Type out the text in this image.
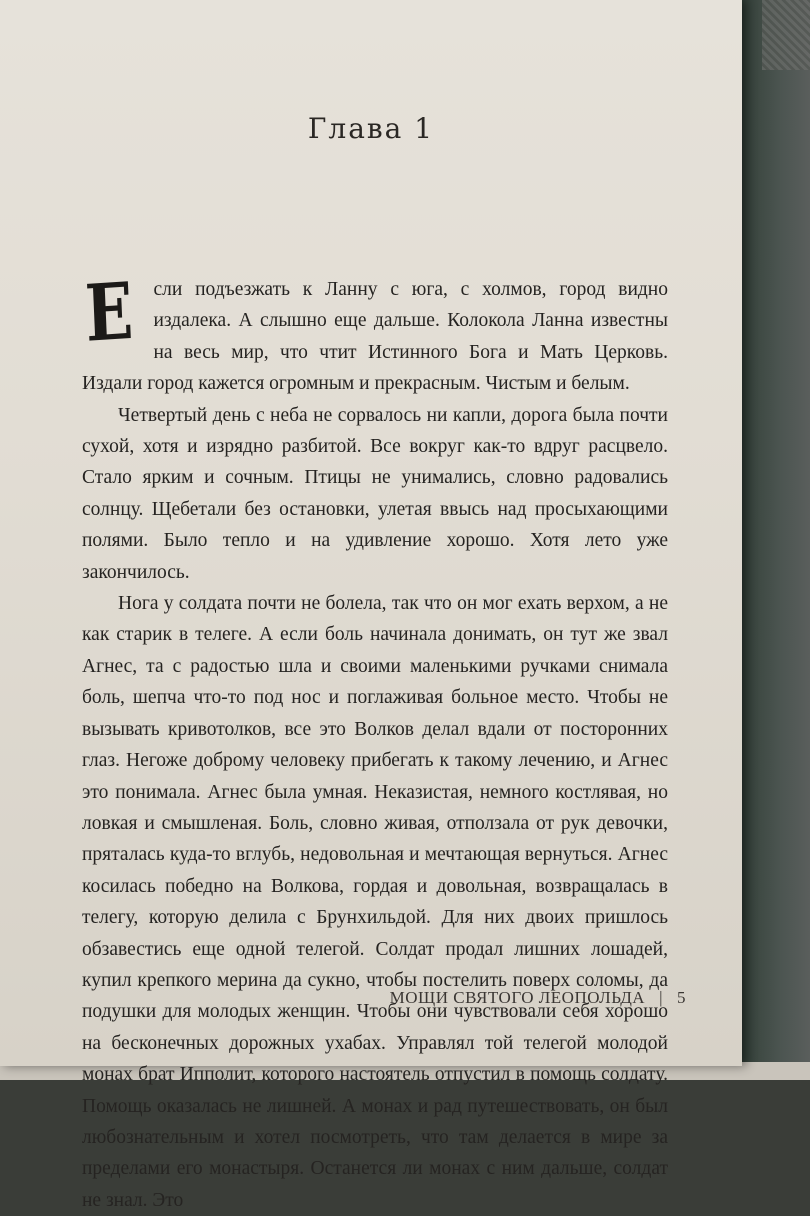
Глава 1

Если подъезжать к Ланну с юга, с холмов, город видно издалека. А слышно еще дальше. Колокола Ланна известны на весь мир, что чтит Истинного Бога и Мать Церковь. Издали город кажется огромным и прекрасным. Чистым и белым.

Четвертый день с неба не сорвалось ни капли, дорога была почти сухой, хотя и изрядно разбитой. Все вокруг как-то вдруг расцвело. Стало ярким и сочным. Птицы не унимались, словно радовались солнцу. Щебетали без остановки, улетая ввысь над просыхающими полями. Было тепло и на удивление хорошо. Хотя лето уже закончилось.

Нога у солдата почти не болела, так что он мог ехать верхом, а не как старик в телеге. А если боль начинала донимать, он тут же звал Агнес, та с радостью шла и своими маленькими ручками снимала боль, шепча что-то под нос и поглаживая больное место. Чтобы не вызывать кривотолков, все это Волков делал вдали от посторонних глаз. Негоже доброму человеку прибегать к такому лечению, и Агнес это понимала. Агнес была умная. Неказистая, немного костлявая, но ловкая и смышленая. Боль, словно живая, отползала от рук девочки, пряталась куда-то вглубь, недовольная и мечтающая вернуться. Агнес косилась победно на Волкова, гордая и довольная, возвращалась в телегу, которую делила с Брунхильдой. Для них двоих пришлось обзавестись еще одной телегой. Солдат продал лишних лошадей, купил крепкого мерина да сукно, чтобы постелить поверх соломы, да подушки для молодых женщин. Чтобы они чувствовали себя хорошо на бесконечных дорожных ухабах. Управлял той телегой молодой монах брат Ипполит, которого настоятель отпустил в помощь солдату. Помощь оказалась не лишней. А монах и рад путешествовать, он был любознательным и хотел посмотреть, что там делается в мире за пределами его монастыря. Останется ли монах с ним дальше, солдат не знал. Это

МОЩИ СВЯТОГО ЛЕОПОЛЬДА | 5
